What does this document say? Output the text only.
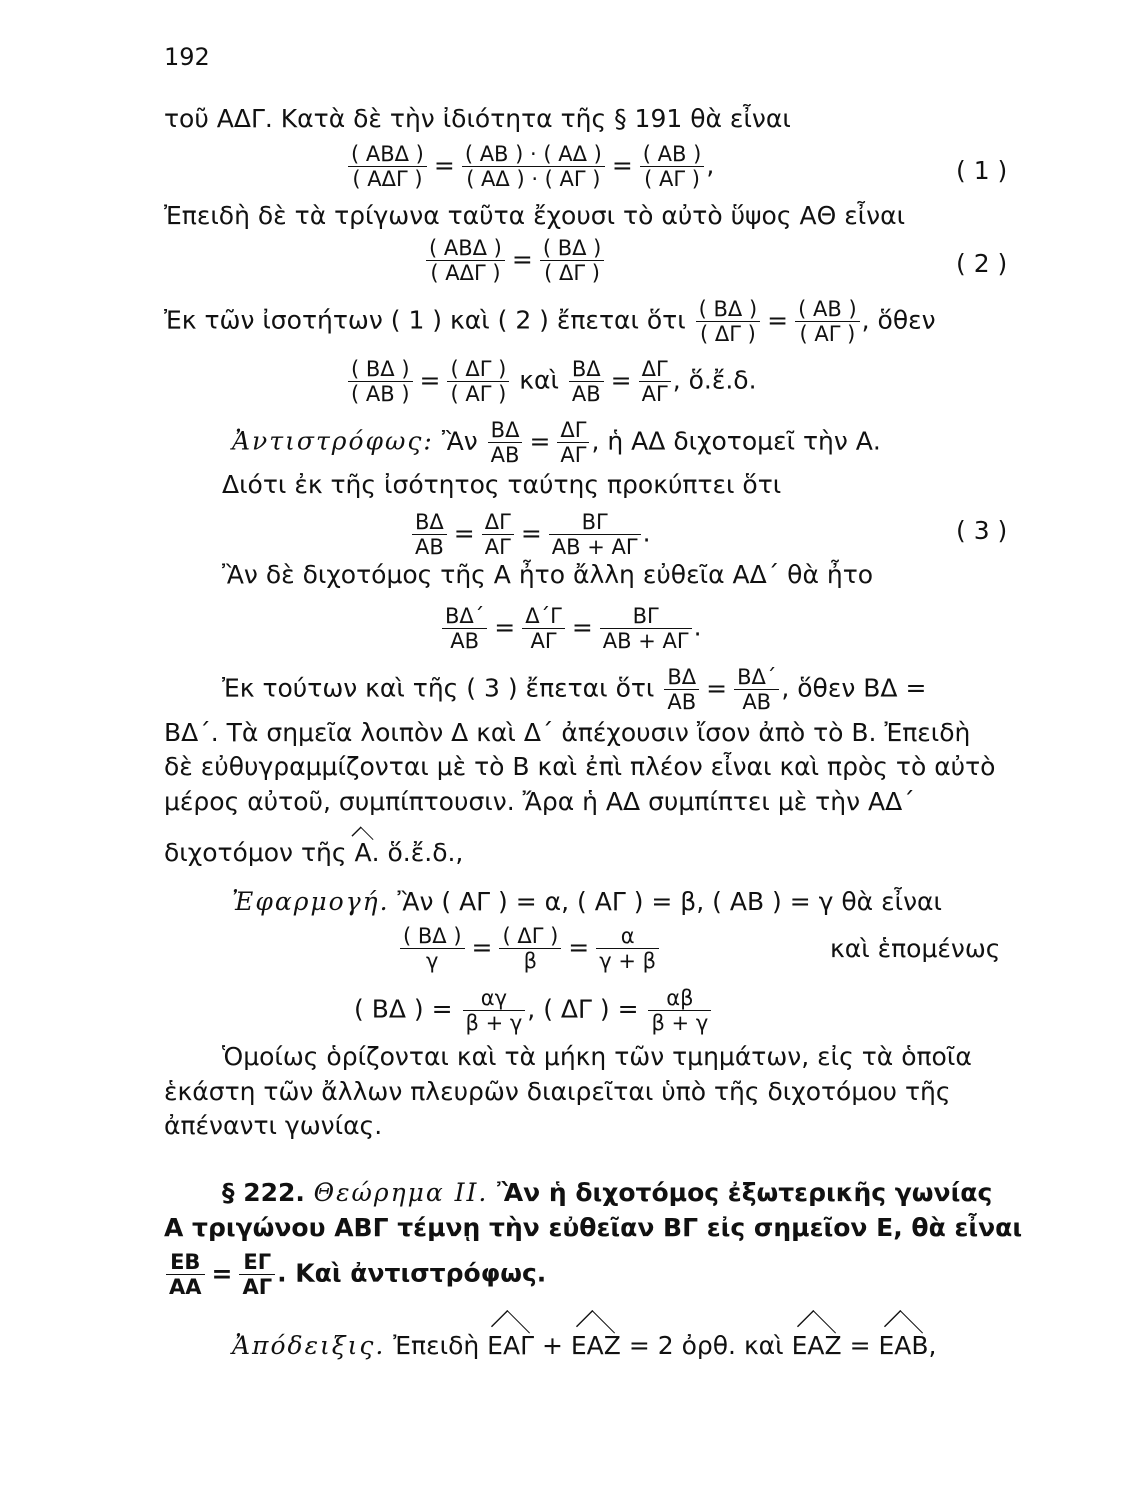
192
τοῦ ΑΔΓ. Κατὰ δὲ τὴν ἰδιότητα τῆς § 191 θὰ εἶναι
$\frac{\text{( ΑΒΔ )}}{\text{( ΑΔΓ )}} = \frac{( AB ) \cdot ( A\Delta )}{( A\Delta ) \cdot ( A\Gamma )} = \frac{( AB )}{( A\Gamma )}$ ,	( 1 )
Ἐπειδὴ δὲ τὰ τρίγωνα ταῦτα ἔχουσι τὸ αὐτὸ ὕψος ΑΘ εἶναι
$\frac{\text{( ΑΒΔ )}}{\text{( ΑΔΓ )}} = \frac{( B\Delta )}{( \Delta\Gamma )}$	( 2 )
Ἐκ τῶν ἰσοτήτων ( 1 ) καὶ ( 2 ) ἔπεται ὅτι $\frac{( B\Delta )}{( \Delta\Gamma )} = \frac{( AB )}{( A\Gamma )}$ , ὅθεν
$\frac{( B\Delta )}{( AB )} = \frac{( \Delta\Gamma )}{( A\Gamma )}$ καὶ $\frac{B\Delta}{AB} = \frac{\Delta\Gamma}{A\Gamma}$ , ὅ.ἔ.δ.
Ἀντιστρόφως: Ἂν $\frac{B\Delta}{AB} = \frac{\Delta\Gamma}{A\Gamma}$ , ἡ ΑΔ διχοτομεῖ τὴν Α.
Διότι ἐκ τῆς ἰσότητος ταύτης προκύπτει ὅτι
$\frac{B\Delta}{AB} = \frac{\Delta\Gamma}{A\Gamma} = \frac{B\Gamma}{AB + A\Gamma}$ .	( 3 )
Ἂν δὲ διχοτόμος τῆς Α ἦτο ἄλλη εὐθεῖα ΑΔ΄ θὰ ἦτο
$\frac{B\Delta΄}{AB} = \frac{\Delta΄\Gamma}{A\Gamma} = \frac{B\Gamma}{AB + A\Gamma}$ .
Ἐκ τούτων καὶ τῆς ( 3 ) ἔπεται ὅτι $\frac{B\Delta}{AB} = \frac{B\Delta΄}{AB}$ , ὅθεν ΒΔ =
ΒΔ΄. Τὰ σημεῖα λοιπὸν Δ καὶ Δ΄ ἀπέχουσιν ἴσον ἀπὸ τὸ Β. Ἐπειδὴ
δὲ εὐθυγραμμίζονται μὲ τὸ Β καὶ ἐπὶ πλέον εἶναι καὶ πρὸς τὸ αὐτὸ
μέρος αὐτοῦ, συμπίπτουσιν. Ἄρα ἡ ΑΔ συμπίπτει μὲ τὴν ΑΔ΄
διχοτόμον τῆς Α. ὅ.ἔ.δ.,
Ἐφαρμογή. Ἂν ( ΑΓ ) = α, ( ΑΓ ) = β, ( ΑΒ ) = γ θὰ εἶναι
$\frac{( B\Delta )}{\gamma} = \frac{( \Delta\Gamma )}{\beta} = \frac{\alpha}{\gamma + \beta}$	καὶ ἑπομένως
( ΒΔ ) = $\frac{\alpha\gamma}{\beta + \gamma}$ , ( ΔΓ ) = $\frac{\alpha\beta}{\beta + \gamma}$
Ὁμοίως ὁρίζονται καὶ τὰ μήκη τῶν τμημάτων, εἰς τὰ ὁποῖα
ἑκάστη τῶν ἄλλων πλευρῶν διαιρεῖται ὑπὸ τῆς διχοτόμου τῆς
ἀπέναντι γωνίας.
§ 222. Θεώρημα ΙΙ. Ἂν ἡ διχοτόμος ἐξωτερικῆς γωνίας
Α τριγώνου ΑΒΓ τέμνῃ τὴν εὐθεῖαν ΒΓ εἰς σημεῖον Ε, θὰ εἶναι
$\frac{EB}{AA} = \frac{E\Gamma}{A\Gamma}$ . Καὶ ἀντιστρόφως.
Ἀπόδειξις. Ἐπειδὴ ΕΑΓ + ΕΑΖ = 2 ὀρθ. καὶ ΕΑΖ = ΕΑΒ,
